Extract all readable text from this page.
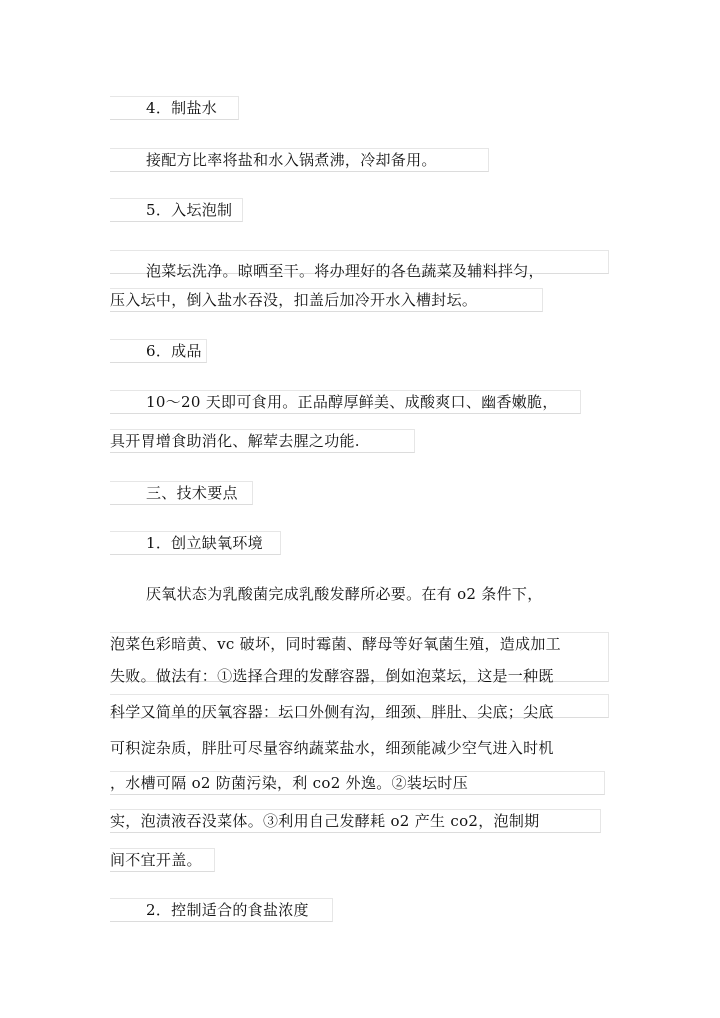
4．制盐水
接配方比率将盐和水入锅煮沸，冷却备用。
5．入坛泡制
泡菜坛洗净。晾晒至干。将办理好的各色蔬菜及辅料拌匀，
压入坛中，倒入盐水吞没，扣盖后加冷开水入槽封坛。
6．成品
10～20 天即可食用。正品醇厚鲜美、成酸爽口、幽香嫩脆，
具开胃增食助消化、解荤去腥之功能.
三、技术要点
1．创立缺氧环境
厌氧状态为乳酸菌完成乳酸发酵所必要。在有 o2 条件下，
泡菜色彩暗黄、vc 破坏，同时霉菌、酵母等好氧菌生殖，造成加工
失败。做法有：①选择合理的发酵容器，倒如泡菜坛，这是一种既
科学又简单的厌氧容器：坛口外侧有沟，细颈、胖肚、尖底；尖底
可积淀杂质，胖肚可尽量容纳蔬菜盐水，细颈能减少空气进入时机
，水槽可隔 o2 防菌污染，利 co2 外逸。②装坛时压
实，泡渍液吞没菜体。③利用自己发酵耗 o2 产生 co2，泡制期
间不宜开盖。
2．控制适合的食盐浓度
